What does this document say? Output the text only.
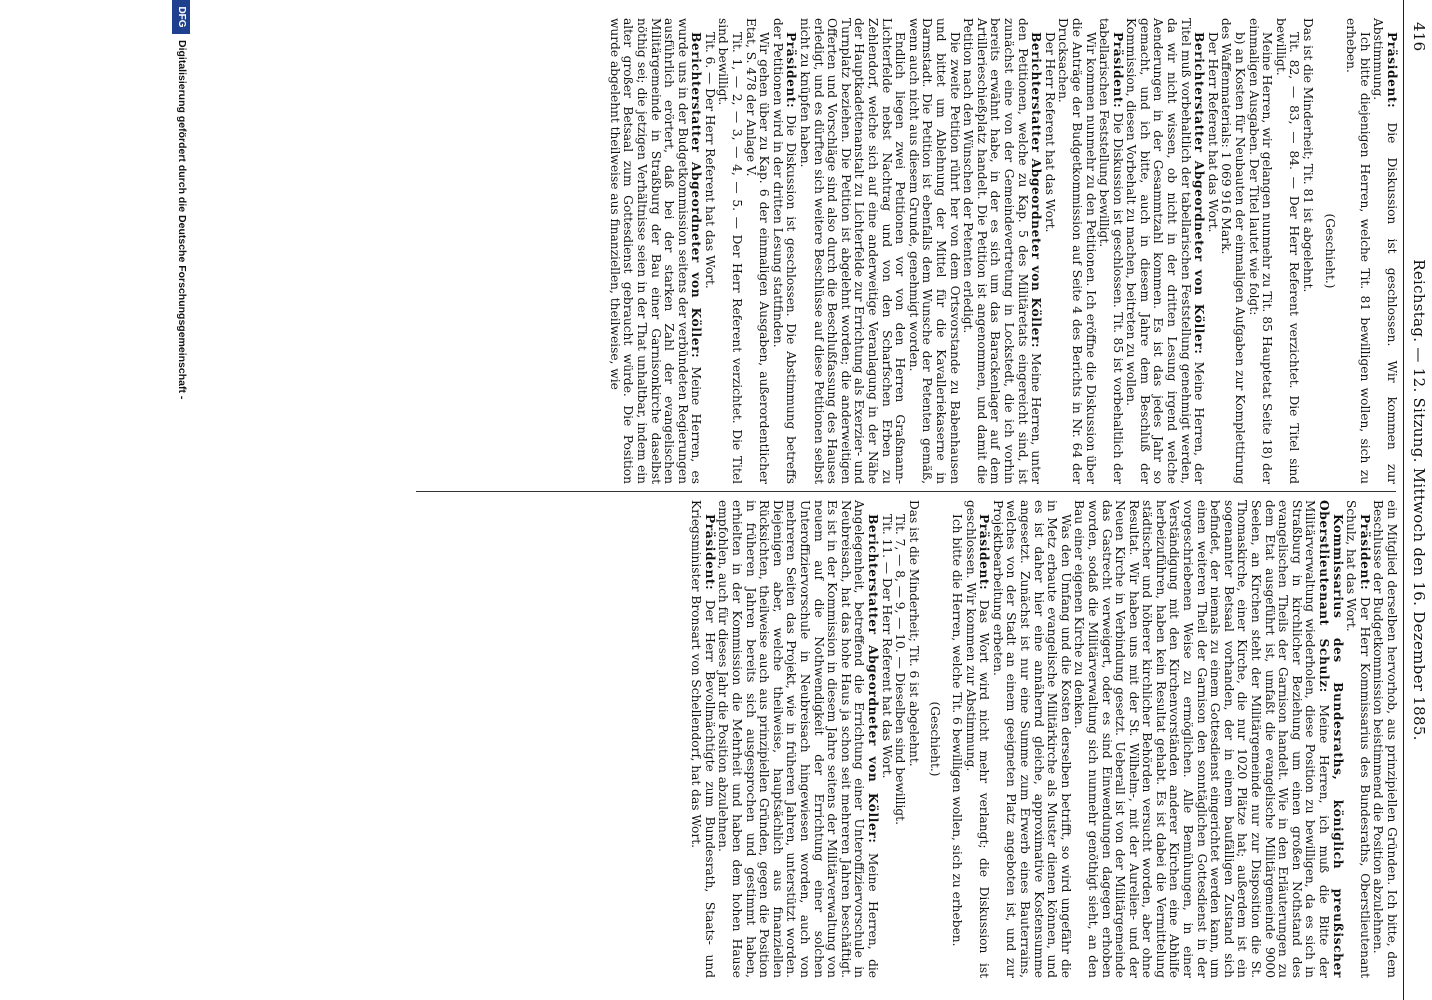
416
Reichstag. — 12. Sitzung. Mittwoch den 16. Dezember 1885.

Präsident: Die Diskussion ist geschlossen. Wir kommen zur Abstimmung.

Ich bitte diejenigen Herren, welche Tit. 81 bewilligen wollen, sich zu erheben.

(Geschieht.)

Das ist die Minderheit; Tit. 81 ist abgelehnt.

Tit. 82, — 83, — 84. — Der Herr Referent verzichtet. Die Titel sind bewilligt.

Meine Herren, wir gelangen nunmehr zu Tit. 85 Hauptetat Seite 18) der einmaligen Ausgaben. Der Titel lautet wie folgt:

b) an Kosten für Neubauten der einmaligen Aufgaben zur Komplettirung des Waffenmaterials: 1 069 916 Mark.

Der Herr Referent hat das Wort.

Berichterstatter Abgeordneter von Köller: Meine Herren, der Titel muß vorbehaltlich der tabellarischen Feststellung genehmigt werden, da wir nicht wissen, ob nicht in der dritten Lesung irgend welche Aenderungen in der Gesammtzahl kommen. Es ist das jedes Jahr so gemacht, und ich bitte, auch in diesem Jahre dem Beschluß der Kommission, diesen Vorbehalt zu machen, beitreten zu wollen.

Präsident: Die Diskussion ist geschlossen. Tit. 85 ist vorbehaltlich der tabellarischen Feststellung bewilligt.

Wir kommen nunmehr zu den Petitionen. Ich eröffne die Diskussion über die Anträge der Budgetkommission auf Seite 4 des Berichts in Nr. 64 der Drucksachen.

Der Herr Referent hat das Wort.

Berichterstatter Abgeordneter von Köller: Meine Herren, unter den Petitionen, welche zu Kap. 5 des Militäretats eingereicht sind, ist zunächst eine von der Gemeindevertretung in Lockstedt, die ich vorhin bereits erwähnt habe, in der es sich um das Barackenlager auf dem Artillerieschießplatz handelt. Die Petition ist angenommen, und damit die Petition nach den Wünschen der Petenten erledigt.

Die zweite Petition rührt her von dem Ortsvorstande zu Babenhausen und bittet um Ablehnung der Mittel für die Kavalleriekaserne in Darmstadt. Die Petition ist ebenfalls dem Wunsche der Petenten gemäß, wenn auch nicht aus diesem Grunde, genehmigt worden.

Endlich liegen zwei Petitionen vor von den Herren Graßmann-Lichterfelde nebst Nachtrag und von den Scharfschen Erben zu Zehlendorf, welche sich auf eine anderweitige Veranlagung in der Nähe der Hauptkadettenanstalt zu Lichterfelde zur Errichtung als Exerzier- und Turnplatz beziehen. Die Petition ist abgelehnt worden; die anderweitigen Offerten und Vorschläge sind also durch die Beschlußfassung des Hauses erledigt, und es dürften sich weitere Beschlüsse auf diese Petitionen selbst nicht zu knüpfen haben.

Präsident: Die Diskussion ist geschlossen. Die Abstimmung betreffs der Petitionen wird in der dritten Lesung stattfinden.

Wir gehen über zu Kap. 6 der einmaligen Ausgaben, außerordentlicher Etat, S. 478 der Anlage V.

Tit. 1, — 2, — 3, — 4, — 5. — Der Herr Referent verzichtet. Die Titel sind bewilligt.

Tit. 6. — Der Herr Referent hat das Wort.

Berichterstatter Abgeordneter von Köller: Meine Herren, es wurde uns in der Budgetkommission seitens der verbündeten Regierungen ausführlich erörtert, daß bei der starken Zahl der evangelischen Militärgemeinde in Straßburg der Bau einer Garnisonkirche daselbst nöthig sei; die jetzigen Verhältnisse seien in der That unhaltbar, indem ein alter großer Betsaal zum Gottesdienst gebraucht würde. Die Position wurde abgelehnt theilweise aus finanziellen, theilweise, wie

ein Mitglied derselben hervorhob, aus prinzipiellen Gründen. Ich bitte, dem Beschlusse der Budgetkommission beistimmend die Position abzulehnen.

Präsident: Der Herr Kommissarius des Bundesraths, Oberstlieutenant Schulz, hat das Wort.

Kommissarius des Bundesraths, königlich preußischer Oberstlieutenant Schulz: Meine Herren, ich muß die Bitte der Militärverwaltung wiederholen, diese Position zu bewilligen, da es sich in Straßburg in kirchlicher Beziehung um einen großen Nothstand des evangelischen Theils der Garnison handelt. Wie in den Erläuterungen zu dem Etat ausgeführt ist, umfaßt die evangelische Militärgemeinde 9000 Seelen, an Kirchen steht der Militärgemeinde nur zur Disposition die St. Thomaskirche, einer Kirche, die nur 1020 Plätze hat; außerdem ist ein sogenannter Betsaal vorhanden, der in einem baufälligen Zustand sich befindet, der niemals zu einem Gottesdienst eingerichtet werden kann, um einen weiteren Theil der Garnison den sonntäglichen Gottesdienst in der vorgeschriebenen Weise zu ermöglichen. Alle Bemühungen, in einer Verständigung mit den Kirchenvorständen anderer Kirchen eine Abhilfe herbeizuführen, haben kein Resultat gehabt. Es ist dabei die Vermittelung städtischer und höherer kirchlicher Behörden versucht worden, aber ohne Resultat. Wir haben uns mit der St. Wilhelm-, mit der Aurelien- und der Neuen Kirche in Verbindung gesetzt. Ueberall ist von der Militärgemeinde das Gastrecht verweigert, oder es sind Einwendungen dagegen erhoben worden, sodaß die Militärverwaltung sich nunmehr genöthigt sieht, an den Bau einer eigenen Kirche zu denken.

Was den Umfang und die Kosten derselben betrifft, so wird ungefähr die in Metz erbaute evangelische Militärkirche als Muster dienen können, und es ist daher hier eine annähernd gleiche, approximative Kostensumme angesetzt. Zunächst ist nur eine Summe zum Erwerb eines Bauterrains, welches von der Stadt an einem geeigneten Platz angeboten ist, und zur Projektbearbeitung erbeten.

Präsident: Das Wort wird nicht mehr verlangt; die Diskussion ist geschlossen. Wir kommen zur Abstimmung.

Ich bitte die Herren, welche Tit. 6 bewilligen wollen, sich zu erheben.

(Geschieht.)

Das ist die Minderheit; Tit. 6 ist abgelehnt.

Tit. 7, — 8, — 9, — 10. — Dieselben sind bewilligt.

Tit. 11. — Der Herr Referent hat das Wort.

Berichterstatter Abgeordneter von Köller: Meine Herren, die Angelegenheit, betreffend die Errichtung einer Unteroffiziervorschule in Neubreisach, hat das hohe Haus ja schon seit mehreren Jahren beschäftigt. Es ist in der Kommission in diesem Jahre seitens der Militärverwaltung von neuem auf die Nothwendigkeit der Errichtung einer solchen Unteroffiziervorschule in Neubreisach hingewiesen worden, auch von mehreren Seiten das Projekt, wie in früheren Jahren, unterstützt worden. Diejenigen aber, welche theilweise, hauptsächlich aus finanziellen Rücksichten, theilweise auch aus prinzipiellen Gründen, gegen die Position in früheren Jahren bereits sich ausgesprochen und gestimmt haben, erhielten in der Kommission die Mehrheit und haben dem hohen Hause empfohlen, auch für dieses Jahr die Position abzulehnen.

Präsident: Der Herr Bevollmächtigte zum Bundesrath, Staats- und Kriegsminister Bronsart von Schellendorf, hat das Wort.

DFG
Digitalisierung gefördert durch die Deutsche Forschungsgemeinschaft -
